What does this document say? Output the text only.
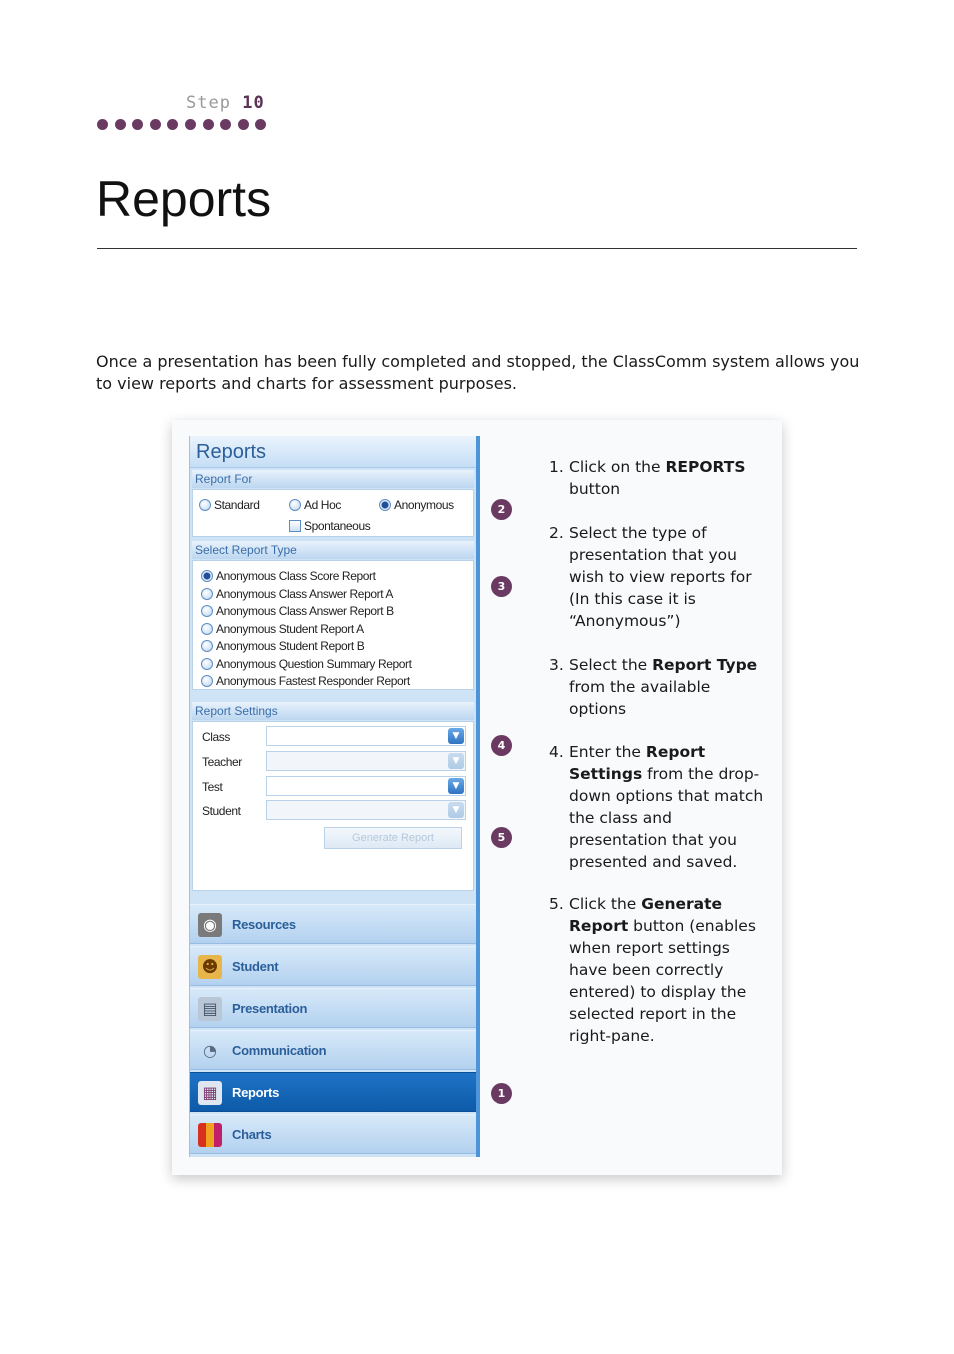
Step 10
Reports

Once a presentation has been fully completed and stopped, the ClassComm system allows you to view reports and charts for assessment purposes.

Reports
Report For
Standard	Ad Hoc	Anonymous
Spontaneous
Select Report Type
Anonymous Class Score Report
Anonymous Class Answer Report A
Anonymous Class Answer Report B
Anonymous Student Report A
Anonymous Student Report B
Anonymous Question Summary Report
Anonymous Fastest Responder Report
Report Settings
Class	▼
Teacher	▼
Test	▼
Student	▼
Generate Report
◉	Resources
☻ Student
▤	Presentation
◔	Communication
▦	Reports
Charts
2
3
4
5
1
1. Click on the REPORTS button
2. Select the type of presentation that you wish to view reports for (In this case it is “Anonymous”)
3. Select the Report Type from the available options
4. Enter the Report Settings from the drop-down options that match the class and presentation that you presented and saved.
5. Click the Generate Report button (enables when report settings have been correctly entered) to display the selected report in the right-pane.
